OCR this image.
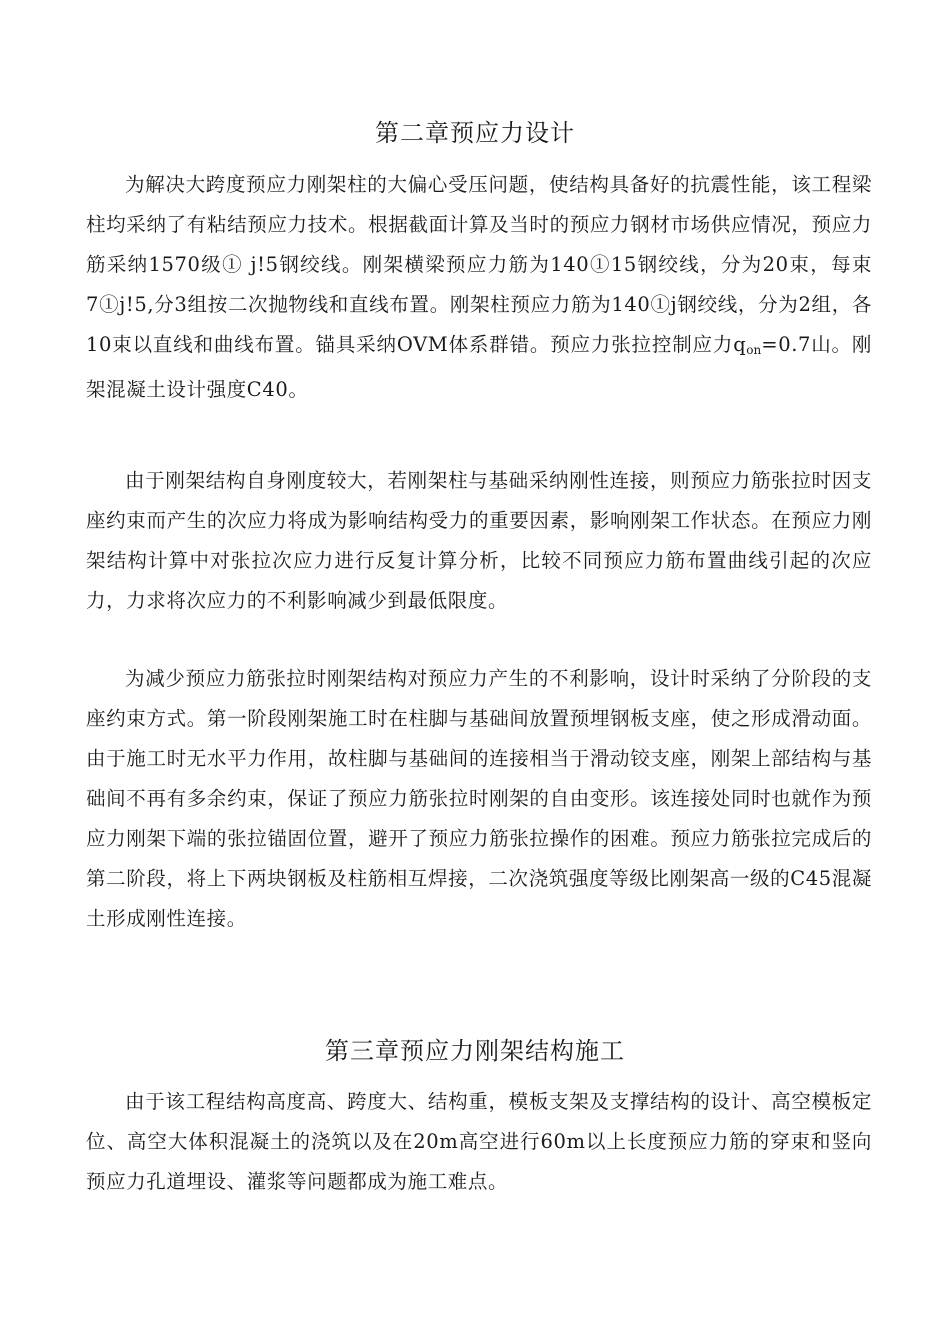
第二章预应力设计

为解决大跨度预应力刚架柱的大偏心受压问题，使结构具备好的抗震性能，该工程梁柱均采纳了有粘结预应力技术。根据截面计算及当时的预应力钢材市场供应情况，预应力筋采纳1570级① j!5钢绞线。刚架横梁预应力筋为140①15钢绞线，分为20束，每束7①j!5,分3组按二次抛物线和直线布置。刚架柱预应力筋为140①j钢绞线，分为2组，各10束以直线和曲线布置。锚具采纳OVM体系群错。预应力张拉控制应力$q_{on}=0.7$山。刚架混凝土设计强度C40。

由于刚架结构自身刚度较大，若刚架柱与基础采纳刚性连接，则预应力筋张拉时因支座约束而产生的次应力将成为影响结构受力的重要因素，影响刚架工作状态。在预应力刚架结构计算中对张拉次应力进行反复计算分析，比较不同预应力筋布置曲线引起的次应力，力求将次应力的不利影响减少到最低限度。

为减少预应力筋张拉时刚架结构对预应力产生的不利影响，设计时采纳了分阶段的支座约束方式。第一阶段刚架施工时在柱脚与基础间放置预埋钢板支座，使之形成滑动面。由于施工时无水平力作用，故柱脚与基础间的连接相当于滑动铰支座，刚架上部结构与基础间不再有多余约束，保证了预应力筋张拉时刚架的自由变形。该连接处同时也就作为预应力刚架下端的张拉锚固位置，避开了预应力筋张拉操作的困难。预应力筋张拉完成后的第二阶段，将上下两块钢板及柱筋相互焊接，二次浇筑强度等级比刚架高一级的C45混凝土形成刚性连接。

第三章预应力刚架结构施工

由于该工程结构高度高、跨度大、结构重，模板支架及支撑结构的设计、高空模板定位、高空大体积混凝土的浇筑以及在20m高空进行60m以上长度预应力筋的穿束和竖向预应力孔道埋设、灌浆等问题都成为施工难点。
